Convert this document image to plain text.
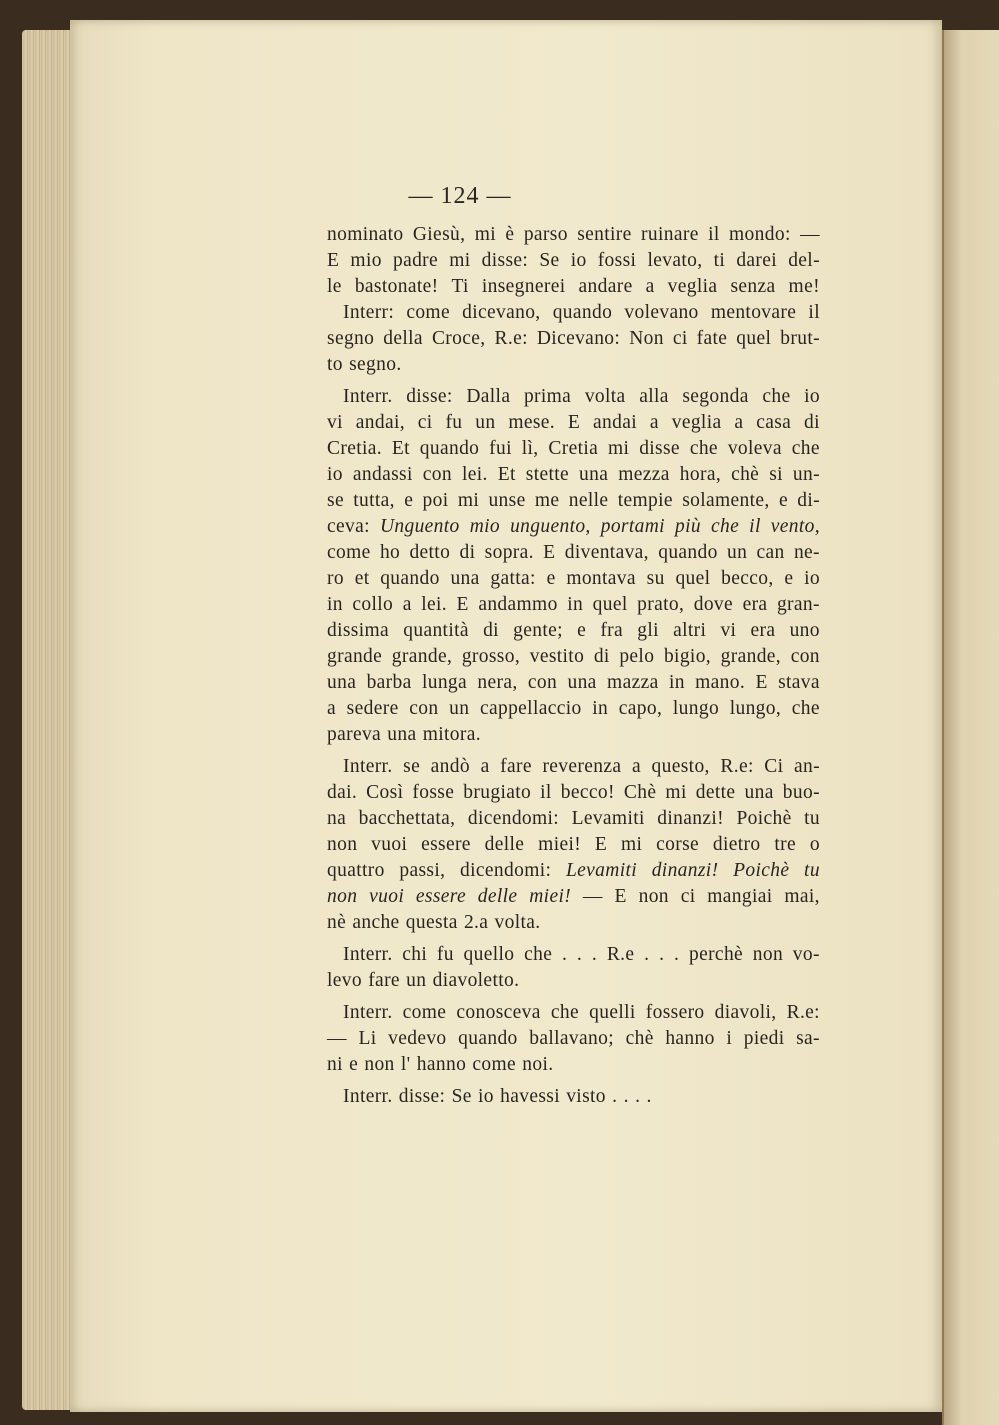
— 124 —
nominato Giesù, mi è parso sentire ruinare il mondo: —
E mio padre mi disse: Se io fossi levato, ti darei del-
le bastonate! Ti insegnerei andare a veglia senza me!
Interr: come dicevano, quando volevano mentovare il
segno della Croce, R.e: Dicevano: Non ci fate quel brut-
to segno.
Interr. disse: Dalla prima volta alla segonda che io
vi andai, ci fu un mese. E andai a veglia a casa di
Cretia. Et quando fui lì, Cretia mi disse che voleva che
io andassi con lei. Et stette una mezza hora, chè si un-
se tutta, e poi mi unse me nelle tempie solamente, e di-
ceva: Unguento mio unguento, portami più che il vento,
come ho detto di sopra. E diventava, quando un can ne-
ro et quando una gatta: e montava su quel becco, e io
in collo a lei. E andammo in quel prato, dove era gran-
dissima quantità di gente; e fra gli altri vi era uno
grande grande, grosso, vestito di pelo bigio, grande, con
una barba lunga nera, con una mazza in mano. E stava
a sedere con un cappellaccio in capo, lungo lungo, che
pareva una mitora.
Interr. se andò a fare reverenza a questo, R.e: Ci an-
dai. Così fosse brugiato il becco! Chè mi dette una buo-
na bacchettata, dicendomi: Levamiti dinanzi! Poichè tu
non vuoi essere delle miei! E mi corse dietro tre o
quattro passi, dicendomi: Levamiti dinanzi! Poichè tu
non vuoi essere delle miei! — E non ci mangiai mai,
nè anche questa 2.a volta.
Interr. chi fu quello che . . . R.e . . . perchè non vo-
levo fare un diavoletto.
Interr. come conosceva che quelli fossero diavoli, R.e:
— Li vedevo quando ballavano; chè hanno i piedi sa-
ni e non l' hanno come noi.
Interr. disse: Se io havessi visto . . . .
